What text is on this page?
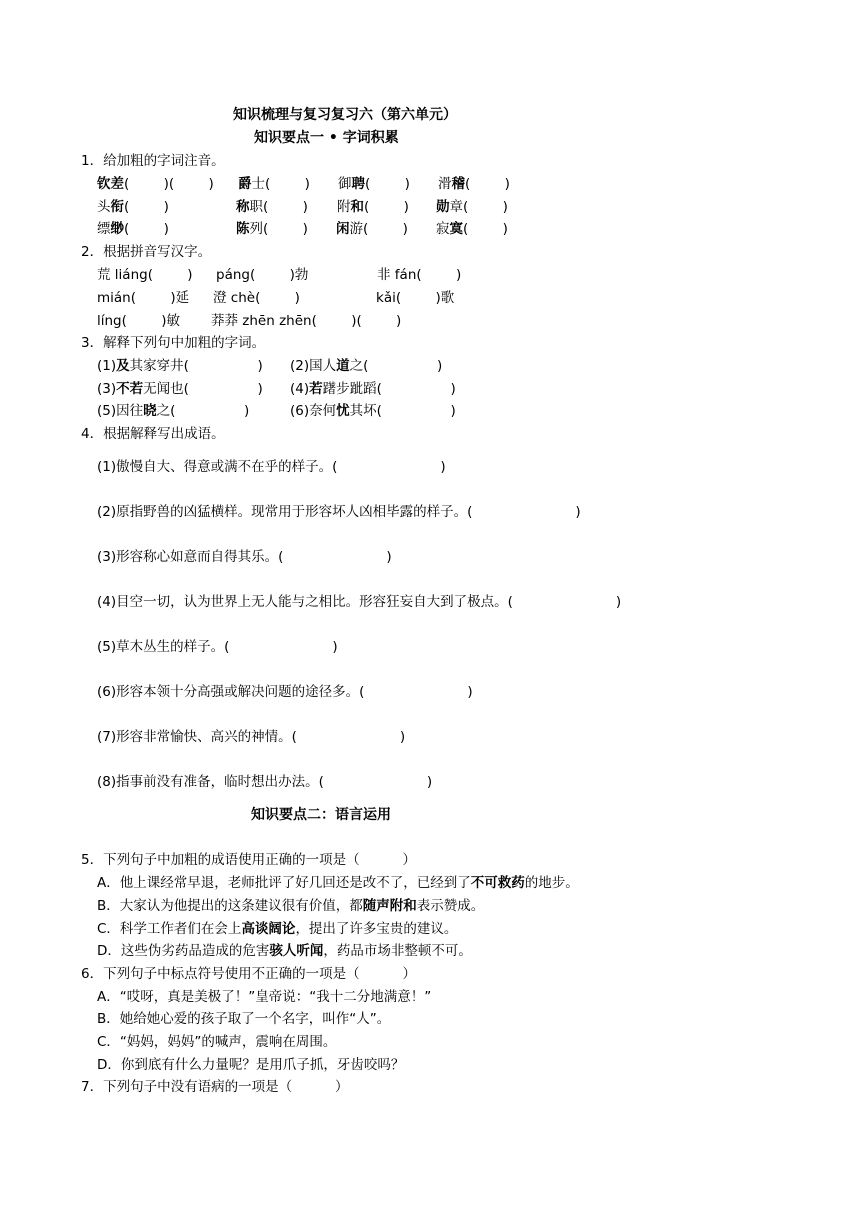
知识梳理与复习复习六（第六单元）
知识要点一 • 字词积累
1．给加粗的字词注音。
钦差(        )(        ) 爵士(        ) 御聘(        ) 滑稽(        )
头衔(        )	称职(        ) 附和(        ) 勋章(        )
缥缈(        )	陈列(        ) 闲游(        ) 寂寞(        )
2．根据拼音写汉字。
荒 liáng(        ) páng(        )勃	非 fán(        )
mián(        )延 澄 chè(        )	kǎi(        )歌
líng(        )敏 莽莽 zhēn zhēn(        )(        )
3．解释下列句中加粗的字词。
(1)及其家穿井(                ) (2)国人道之(                )
(3)不若无闻也(                ) (4)若躇步跐蹈(                )
(5)因往晓之(                )	(6)奈何忧其坏(                )
4．根据解释写出成语。
(1)傲慢自大、得意或满不在乎的样子。(                        )
(2)原指野兽的凶猛横样。现常用于形容坏人凶相毕露的样子。(                        )
(3)形容称心如意而自得其乐。(                        )
(4)目空一切，认为世界上无人能与之相比。形容狂妄自大到了极点。(                        )
(5)草木丛生的样子。(                        )
(6)形容本领十分高强或解决问题的途径多。(                        )
(7)形容非常愉快、高兴的神情。(                        )
(8)指事前没有准备，临时想出办法。(                        )
知识要点二：语言运用
5．下列句子中加粗的成语使用正确的一项是（          ）
A．他上课经常早退，老师批评了好几回还是改不了，已经到了不可救药的地步。
B．大家认为他提出的这条建议很有价值，都随声附和表示赞成。
C．科学工作者们在会上高谈阔论，提出了许多宝贵的建议。
D．这些伪劣药品造成的危害骇人听闻，药品市场非整顿不可。
6．下列句子中标点符号使用不正确的一项是（          ）
A．“哎呀，真是美极了！”皇帝说：“我十二分地满意！”
B．她给她心爱的孩子取了一个名字，叫作“人”。
C．“妈妈，妈妈”的喊声，震响在周围。
D．你到底有什么力量呢？是用爪子抓，牙齿咬吗？
7．下列句子中没有语病的一项是（          ）
